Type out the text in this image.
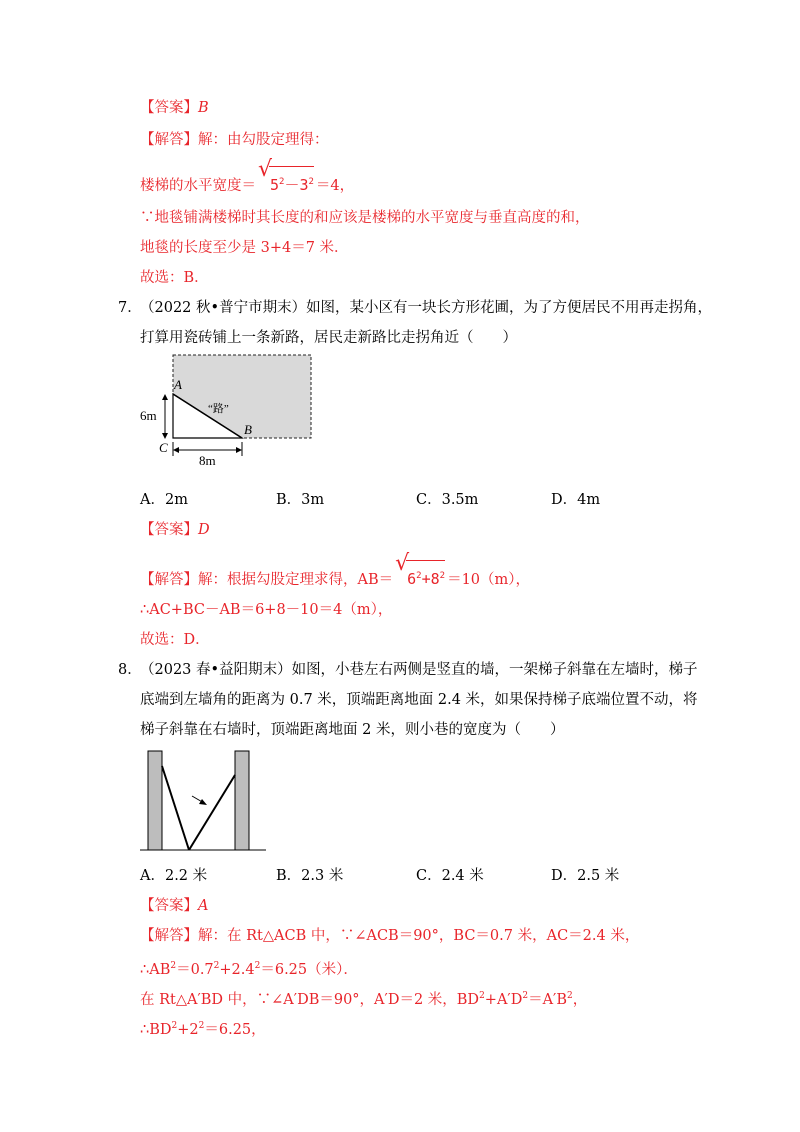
【答案】B
【解答】解：由勾股定理得：
楼梯的水平宽度＝
√
$5^2-3^2 =4$，
∵地毯铺满楼梯时其长度的和应该是楼梯的水平宽度与垂直高度的和，
地毯的长度至少是 3+4＝7 米．
故选：B．
7．
（2022 秋•普宁市期末）如图，某小区有一块长方形花圃，为了方便居民不用再走拐角，
打算用瓷砖铺上一条新路，居民走新路比走拐角近（　　）
A
B
C
“路”
6m
8m
A．2m	B．3m	C．3.5m	D．4m
【答案】D
【解答】解：根据勾股定理求得，AB＝
√
$6^2+8^2 =10(m)$，
∴AC+BC－AB＝6+8－10＝4（m），
故选：D．
8．
（2023 春•益阳期末）如图，小巷左右两侧是竖直的墙，一架梯子斜靠在左墙时，梯子
底端到左墙角的距离为 0.7 米，顶端距离地面 2.4 米，如果保持梯子底端位置不动，将
梯子斜靠在右墙时，顶端距离地面 2 米，则小巷的宽度为（　　）
A．2.2 米	B．2.3 米	C．2.4 米	D．2.5 米
【答案】A
【解答】解：在 Rt△ACB 中，∵∠ACB＝90°，BC＝0.7 米，AC＝2.4 米，
$\therefore AB^2=0.7^2+2.4^2=6.25$（米）．
在 Rt△A′BD 中，∵∠A′DB＝90°，A′D＝2 米，$BD^2+A'D^2=A'B^2$，
$\therefore BD^2+2^2=6.25$，
